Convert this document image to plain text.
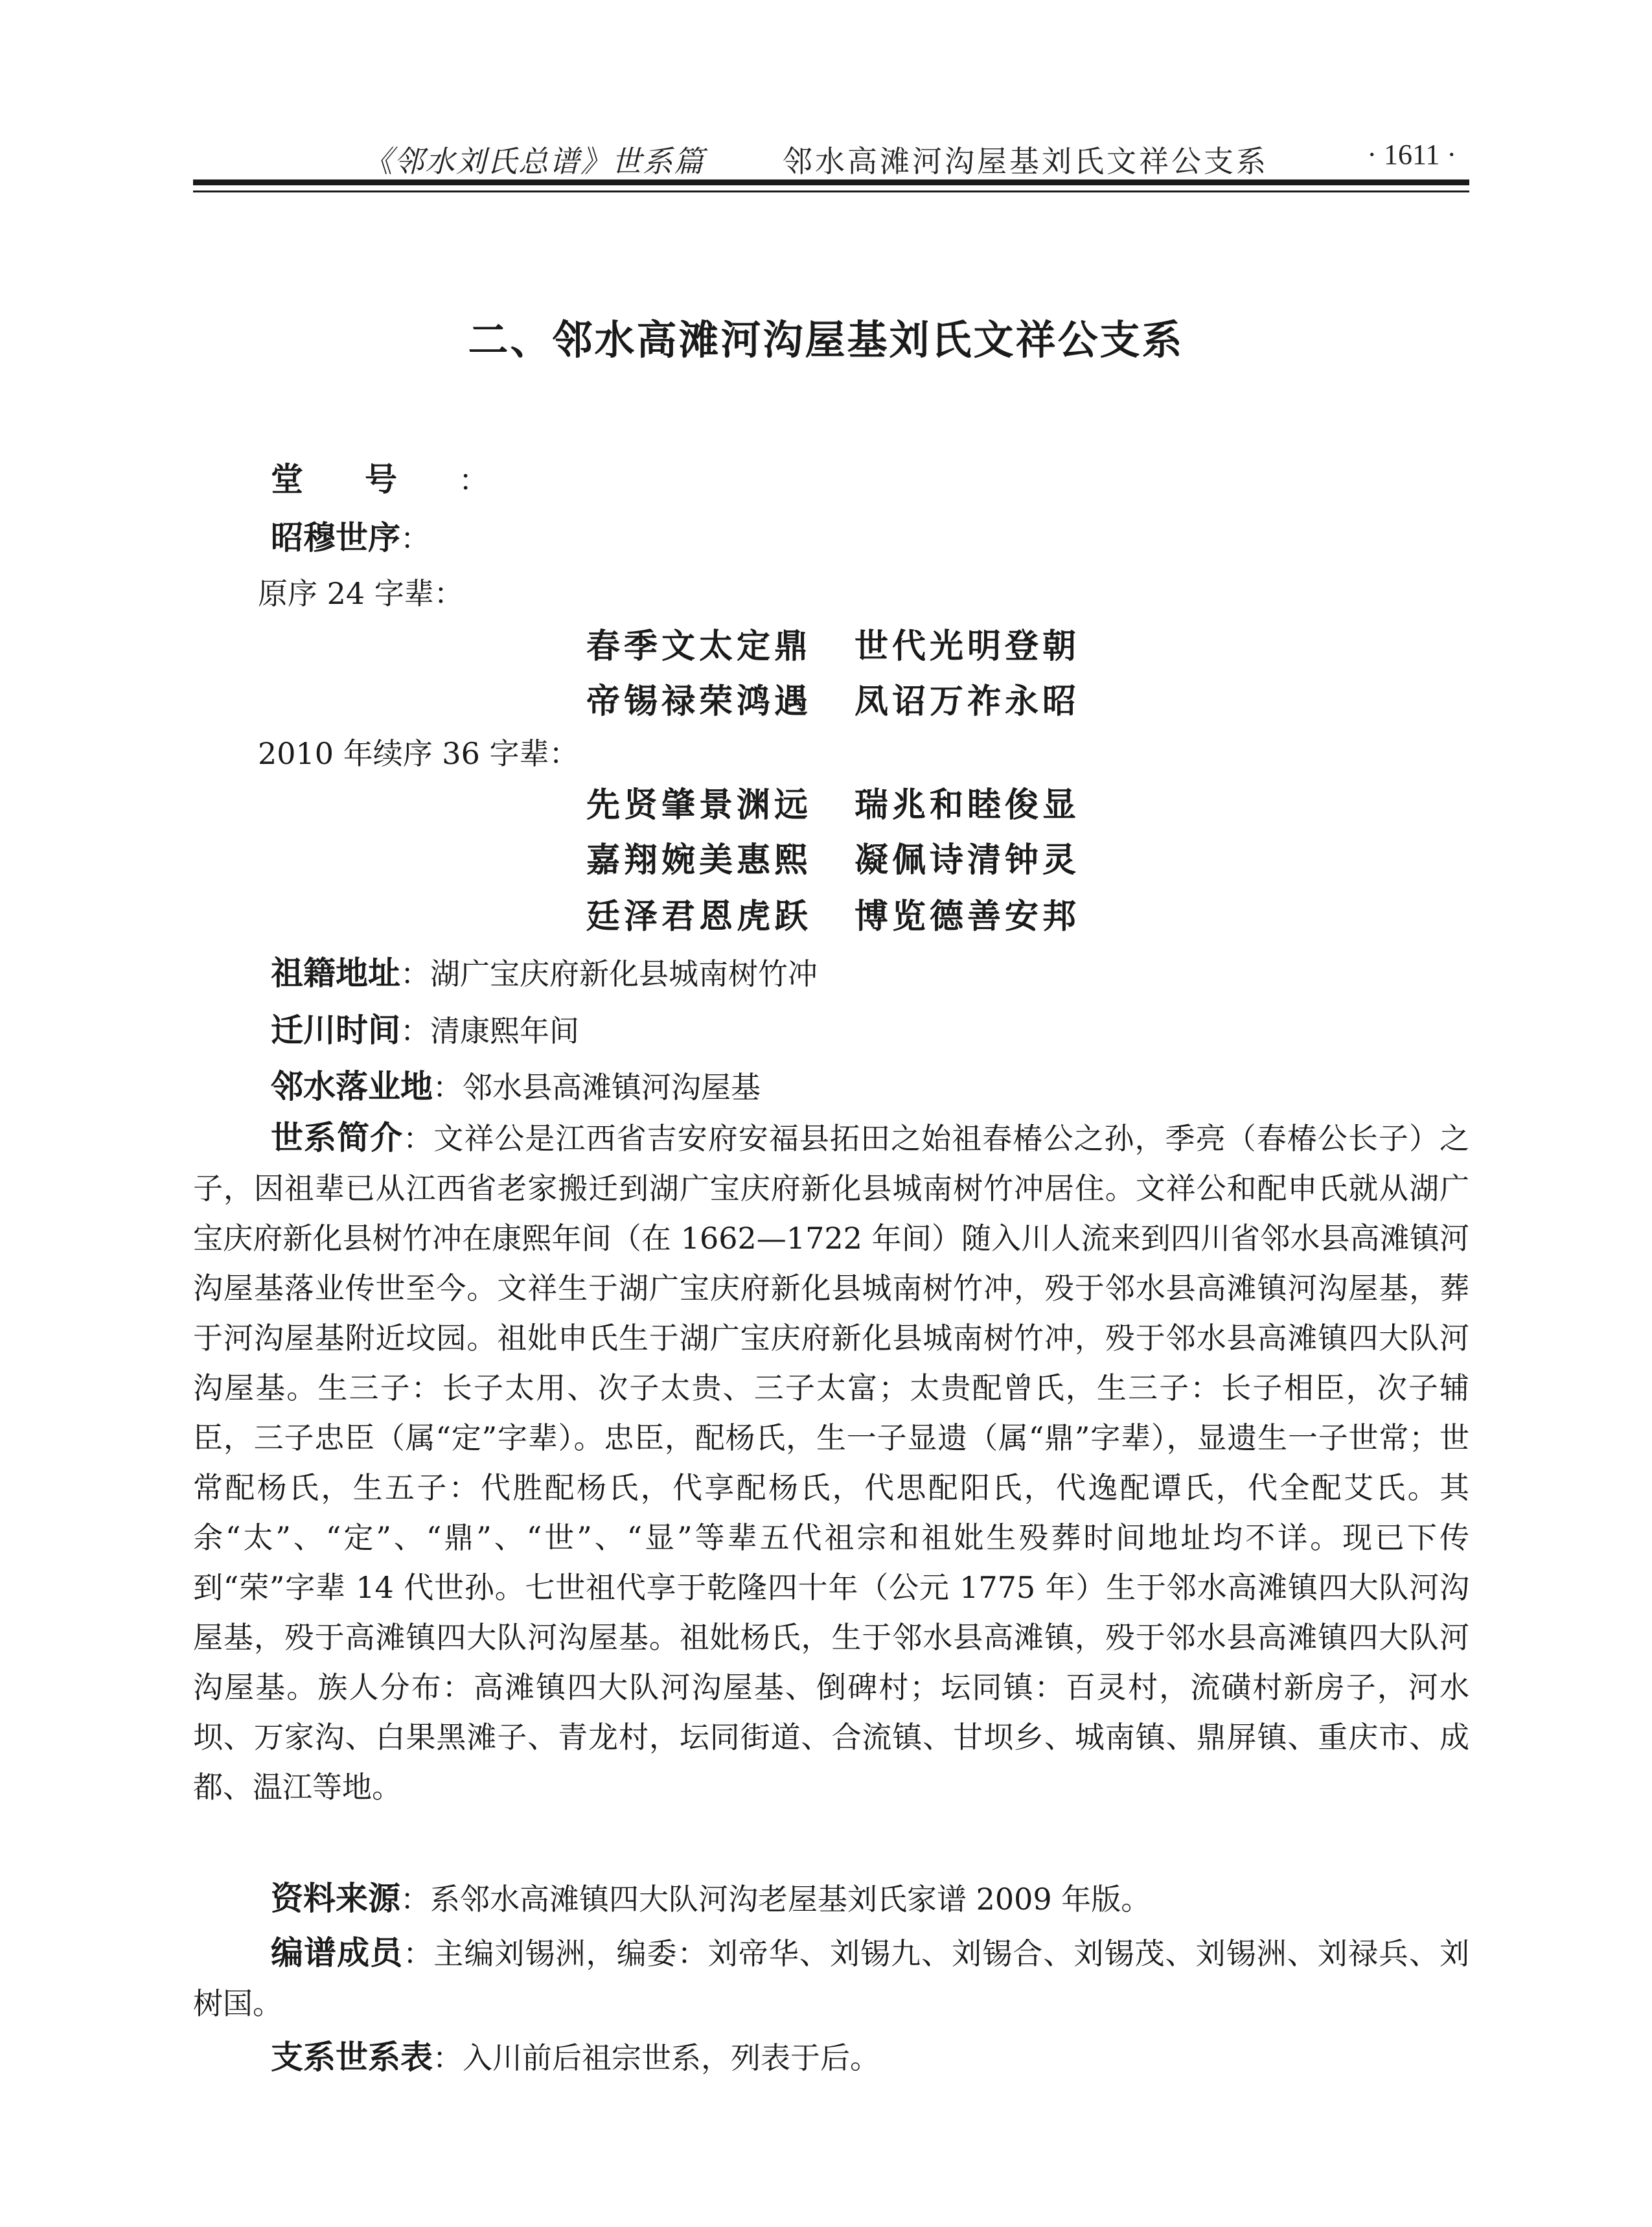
《邻水刘氏总谱》世系篇	邻水高滩河沟屋基刘氏文祥公支系	· 1611 ·
二、邻水高滩河沟屋基刘氏文祥公支系
堂号：
昭穆世序：
原序 24 字辈：
春季文太定鼎 世代光明登朝
帝锡禄荣鸿遇 凤诏万祚永昭
2010 年续序 36 字辈：
先贤肇景渊远 瑞兆和睦俊显
嘉翔婉美惠熙 凝佩诗清钟灵
廷泽君恩虎跃 博览德善安邦
祖籍地址：湖广宝庆府新化县城南树竹冲
迁川时间：清康熙年间
邻水落业地：邻水县高滩镇河沟屋基

世系简介：文祥公是江西省吉安府安福县拓田之始祖春椿公之孙，季亮（春椿公长子）之子，因祖辈已从江西省老家搬迁到湖广宝庆府新化县城南树竹冲居住。文祥公和配申氏就从湖广宝庆府新化县树竹冲在康熙年间（在 1662—1722 年间）随入川人流来到四川省邻水县高滩镇河沟屋基落业传世至今。文祥生于湖广宝庆府新化县城南树竹冲，殁于邻水县高滩镇河沟屋基，葬于河沟屋基附近坟园。祖妣申氏生于湖广宝庆府新化县城南树竹冲，殁于邻水县高滩镇四大队河沟屋基。生三子：长子太用、次子太贵、三子太富；太贵配曾氏，生三子：长子相臣，次子辅臣，三子忠臣（属“定”字辈）。忠臣，配杨氏，生一子显遗（属“鼎”字辈），显遗生一子世常；世常配杨氏，生五子：代胜配杨氏，代享配杨氏，代思配阳氏，代逸配谭氏，代全配艾氏。其余“太”、“定”、“鼎”、“世”、“显”等辈五代祖宗和祖妣生殁葬时间地址均不详。现已下传到“荣”字辈 14 代世孙。七世祖代享于乾隆四十年（公元 1775 年）生于邻水高滩镇四大队河沟屋基，殁于高滩镇四大队河沟屋基。祖妣杨氏，生于邻水县高滩镇，殁于邻水县高滩镇四大队河沟屋基。族人分布：高滩镇四大队河沟屋基、倒碑村；坛同镇：百灵村，流磺村新房子，河水坝、万家沟、白果黑滩子、青龙村，坛同街道、合流镇、甘坝乡、城南镇、鼎屏镇、重庆市、成都、温江等地。

资料来源：系邻水高滩镇四大队河沟老屋基刘氏家谱 2009 年版。

编谱成员：主编刘锡洲，编委：刘帝华、刘锡九、刘锡合、刘锡茂、刘锡洲、刘禄兵、刘树国。

支系世系表：入川前后祖宗世系，列表于后。
